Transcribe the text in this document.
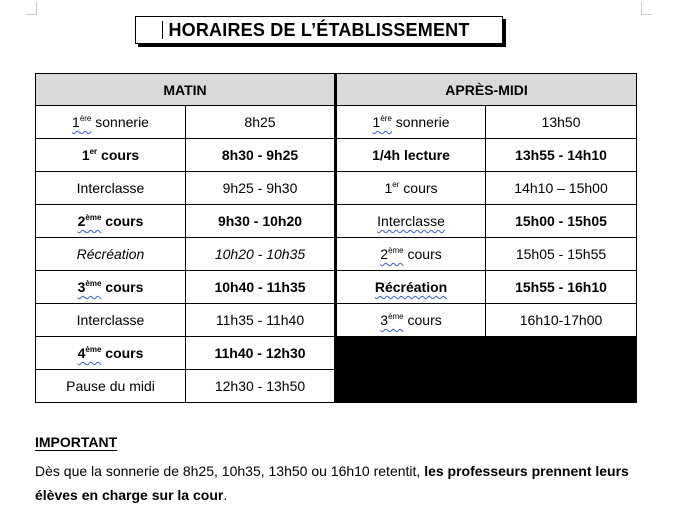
HORAIRES DE L’ÉTABLISSEMENT
MATIN		APRÈS-MIDI	
1ère sonnerie	8h25	1ère sonnerie	13h50
1er cours	8h30 - 9h25	1/4h lecture	13h55 - 14h10
Interclasse	9h25 - 9h30	1er cours	14h10 – 15h00
2ème cours	9h30 - 10h20	Interclasse	15h00 - 15h05
Récréation	10h20 - 10h35	2ème cours	15h05 - 15h55
3ème cours	10h40 - 11h35	Récréation	15h55 - 16h10
Interclasse	11h35 - 11h40	3ème cours	16h10-17h00
4ème cours	11h40 - 12h30		
Pause du midi	12h30 - 13h50		
IMPORTANT
Dès que la sonnerie de 8h25, 10h35, 13h50 ou 16h10 retentit, les professeurs prennent leurs élèves en charge sur la cour.
